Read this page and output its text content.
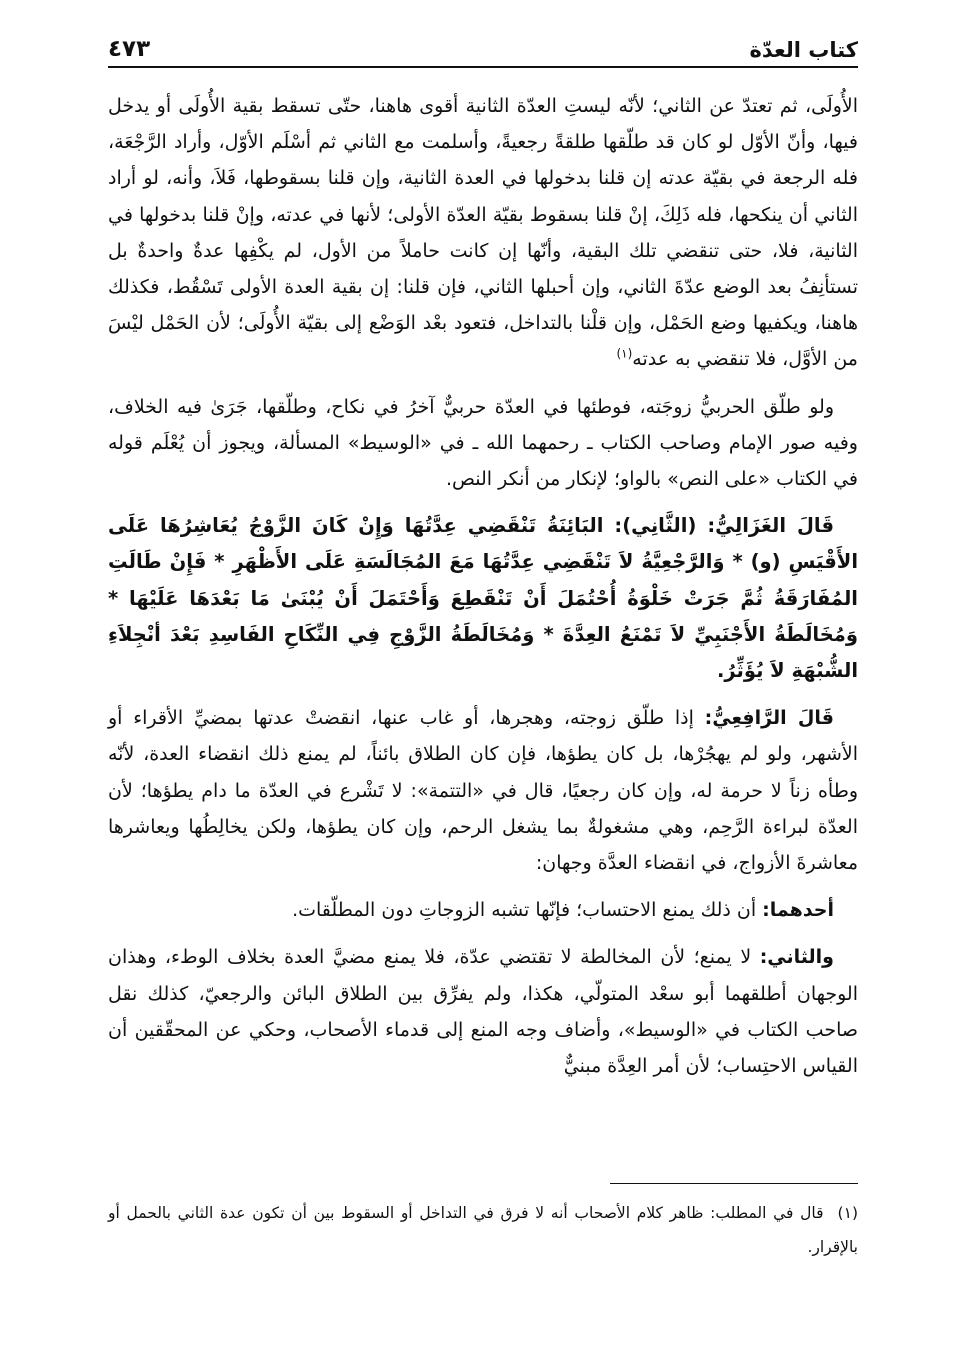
كتاب العدّة
٤٧٣

الأُولَى، ثم تعتدّ عن الثاني؛ لأنّه ليستِ العدّة الثانية أقوى هاهنا، حتّى تسقط بقية الأُولَى أو يدخل فيها، وأنّ الأوّل لو كان قد طلّقها طلقةً رجعيةً، وأسلمت مع الثاني ثم أسْلَم الأوّل، وأراد الرَّجْعَة، فله الرجعة في بقيّة عدته إن قلنا بدخولها في العدة الثانية، وإن قلنا بسقوطها، فَلاَ، وأنه، لو أراد الثاني أن ينكحها، فله ذَلِكَ، إنْ قلنا بسقوط بقيّة العدّة الأولى؛ لأنها في عدته، وإنْ قلنا بدخولها في الثانية، فلا، حتى تنقضي تلك البقية، وأنّها إن كانت حاملاً من الأول، لم يكْفِها عدةٌ واحدةٌ بل تستأنِفُ بعد الوضع عدّةَ الثاني، وإن أحبلها الثاني، فإن قلنا: إن بقية العدة الأولى تَسْقُط، فكذلك هاهنا، ويكفيها وضع الحَمْل، وإن قلْنا بالتداخل، فتعود بعْد الوَضْع إلى بقيّة الأُولَى؛ لأن الحَمْل ليْسَ من الأوَّل، فلا تنقضي به عدته$^{(١)}$

ولو طلّق الحربيُّ زوجَته، فوطئها في العدّة حربيٌّ آخرُ في نكاح، وطلّقها، جَرَىٰ فيه الخلاف، وفيه صور الإمام وصاحب الكتاب ـ رحمهما الله ـ في «الوسيط» المسألة، ويجوز أن يُعْلَم قوله في الكتاب «على النص» بالواو؛ لإنكار من أنكر النص.

قَالَ الغَزَالِيُّ: (الثَّانِي): البَائِنَةُ تَنْقَضِي عِدَّتُهَا وَإِنْ كَانَ الزَّوْجُ يُعَاشِرُهَا عَلَى الأَقْيَسِ (و) * وَالرَّجْعِيَّةُ لاَ تَنْقَضِي عِدَّتُهَا مَعَ المُجَالَسَةِ عَلَى الأَظْهَرِ * فَإِنْ طَالَتِ المُفَارَقَةُ ثُمَّ جَرَتْ خَلْوَةُ أُحْتُمَلَ أَنْ تَنْقَطِعَ وَأَحْتَمَلَ أَنْ يُبْنَىٰ مَا بَعْدَهَا عَلَيْهَا * وَمُخَالَطَةُ الأَجْنَبِيِّ لاَ تَمْنَعُ العِدَّةَ * وَمُخَالَطَةُ الزَّوْجِ فِي النِّكَاحِ الفَاسِدِ بَعْدَ أنْجِلاَءِ الشُّبْهَةِ لاَ يُؤَثِّرُ.

قَالَ الرَّافِعِيُّ: إذا طلّق زوجته، وهجرها، أو غاب عنها، انقضتْ عدتها بمضيِّ الأقراء أو الأشهر، ولو لم يهجُرْها، بل كان يطؤها، فإن كان الطلاق بائناً، لم يمنع ذلك انقضاء العدة، لأنّه وطأه زناً لا حرمة له، وإن كان رجعيًا، قال في «التتمة»: لا تَشْرع في العدّة ما دام يطؤها؛ لأن العدّة لبراءة الرَّحِم، وهي مشغولةٌ بما يشغل الرحم، وإن كان يطؤها، ولكن يخالِطُها ويعاشرها معاشرةَ الأزواج، في انقضاء العدَّة وجهان:

أحدهما: أن ذلك يمنع الاحتساب؛ فإنّها تشبه الزوجاتِ دون المطلّقات.

والثاني: لا يمنع؛ لأن المخالطة لا تقتضي عدّة، فلا يمنع مضيَّ العدة بخلاف الوطء، وهذان الوجهان أطلقهما أبو سعْد المتولّي، هكذا، ولم يفرِّق بين الطلاق البائن والرجعيّ، كذلك نقل صاحب الكتاب في «الوسيط»، وأضاف وجه المنع إلى قدماء الأصحاب، وحكي عن المحقّقين أن القياس الاحتِساب؛ لأن أمر العِدَّة مبنيٌّ

(١)قال في المطلب: ظاهر كلام الأصحاب أنه لا فرق في التداخل أو السقوط بين أن تكون عدة الثاني بالحمل أو بالإقرار.
